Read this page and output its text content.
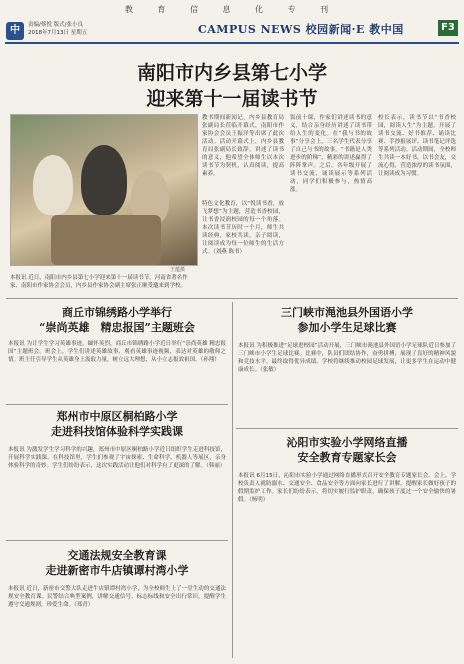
教 育 信 息 化 专 刊
中	责编/蔡悦 版式/张小良
2018年7月13日 星期五	CAMPUS NEWS 校园新闻·E 教中国	F3
南阳市内乡县第七小学
迎来第十一届读书节
王蕴摄
本报讯 近日，南阳市内乡县第七小学迎来第十一届读书节。河南省著名作家、南阳市作家协会会员，内乡县作家协会副主席张正顺受邀来到学校。
教书期间新闻记，内乡县教育局张副局长莅临开幕式，南阳市作家协会会员王振洋等出席了此次活动。活动开幕式上，内乡县教育局张副局长致辞，讲述了读书的意义，他希望全体师生以本次读书节为契机，认真阅读，提高素养。
饭前十课，作家们讲述读书的意义，结合亲身经历讲述了读书带给人生的变化。在“我与书的故事”分享会上，三名学生代表分享了自己与书的故事。“书籍是人类进步的阶梯”，精彩的讲述赢得了阵阵掌声。之后，各年级开展了读书交流、诵读展示等系列活动，同学们积极参与，热情高涨。
校长表示，读书节以“书香校园，阅读人生”为主题，开展了读书交流、好书推荐、诵读比赛、手抄报展评、读书笔记评选等系列活动。活动期间，全校师生共读一本好书，以书会友，交流心得，营造浓厚的读书氛围，让阅读成为习惯。
特色文化教育，以“悦读书香，放飞梦想”为主题，营造书香校园，让书香浸润校园的每一个角落。本次读书节历时一个月，师生共读经典，家校共读，亲子阅读，让阅读成为每一位师生的生活方式。（刘燕 陈书）
商丘市锦绣路小学举行
“崇尚英雄　精忠报国”主题班会
本报讯 为让学生学习英雄事迹，缅怀英烈，商丘市锦绣路小学近日举行“崇尚英雄 精忠报国”主题班会。班会上，学生们讲述英雄故事，观看英雄事迹视频，表达对英雄的敬仰之情。班主任引导学生从英雄身上汲取力量，树立远大理想，从小立志报效祖国。（孙翔）
郑州市中原区桐柏路小学
走进科技馆体验科学实践课
本报讯 为激发学生学习科学的兴趣，郑州市中原区桐柏路小学近日组织学生走进科技馆，开展科学实践课。在科技馆里，学生们参观了宇宙探索、生命科学、机器人等展区，亲身体验科学的奇妙。学生们纷纷表示，这次实践活动让他们对科学有了更深的了解。（韩丽）
交通法规安全教育课
走进新密市牛店镇谭村湾小学
本报讯 近日，新密市交警大队走进牛店镇谭村湾小学，为全校师生上了一堂生动的交通法规安全教育课。民警结合典型案例，讲解交通信号、标志标线和安全出行常识，提醒学生遵守交通规则，珍爱生命。（郑青）
三门峡市渑池县外国语小学
参加小学生足球比赛
本报讯 为积极推进“足球进校园”活动开展，三门峡市渑池县外国语小学足球队近日参加了三门峡市小学生足球比赛。比赛中，队员们团结协作，奋勇拼搏，展现了良好的精神风貌和竞技水平，最终取得优异成绩。学校将继续推动校园足球发展，让更多学生在运动中健康成长。（张敏）
沁阳市实验小学网络直播
安全教育专题家长会
本报讯 6月15日，沁阳市实验小学通过网络直播形式召开安全教育专题家长会。会上，学校负责人就防溺水、交通安全、食品安全等方面向家长进行了讲解，提醒家长做好孩子的假期监护工作。家长们纷纷表示，将切实履行监护职责，确保孩子度过一个安全愉快的暑假。（杨明）
